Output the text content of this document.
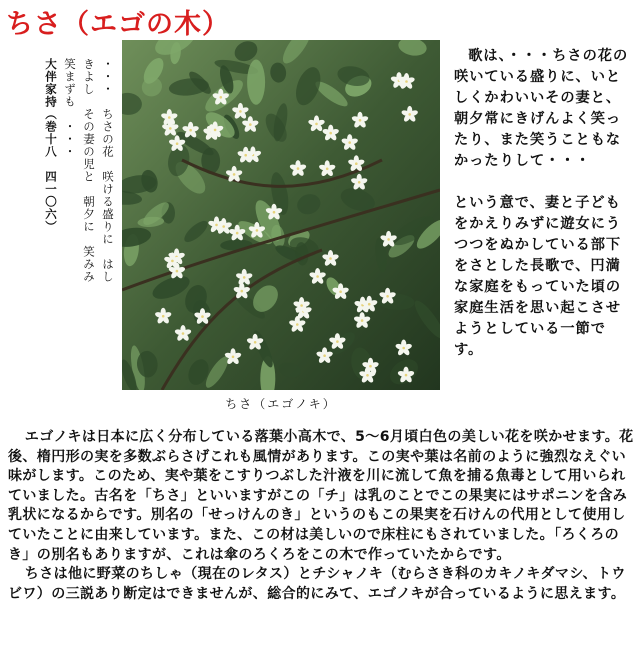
ちさ（エゴの木）
・・・　ちさの花　咲ける盛りに　はし
きよし　その妻の児と　朝夕に　笑みみ
笑まずも　・・・
大伴家持（巻十八　四一〇六）
ちさ（エゴノキ）

歌は、・・・ちさの花の咲いている盛りに、いとしくかわいいその妻と、朝夕常にきげんよく笑ったり、また笑うこともなかったりして・・・

という意で、妻と子どもをかえりみずに遊女にうつつをぬかしている部下をさとした長歌で、円満な家庭をもっていた頃の家庭生活を思い起こさせようとしている一節です。

エゴノキは日本に広く分布している落葉小高木で、5～6月頃白色の美しい花を咲かせます。花後、楕円形の実を多数ぶらさげこれも風情があります。この実や葉は名前のように強烈なえぐい味がします。このため、実や葉をこすりつぶした汁液を川に流して魚を捕る魚毒として用いられていました。古名を「ちさ」といいますがこの「チ」は乳のことでこの果実にはサポニンを含み乳状になるからです。別名の「せっけんのき」というのもこの果実を石けんの代用として使用していたことに由来しています。また、この材は美しいので床柱にもされていました。「ろくろのき」の別名もありますが、これは傘のろくろをこの木で作っていたからです。

ちさは他に野菜のちしゃ（現在のレタス）とチシャノキ（むらさき科のカキノキダマシ、トウビワ）の三説あり断定はできませんが、総合的にみて、エゴノキが合っているように思えます。
